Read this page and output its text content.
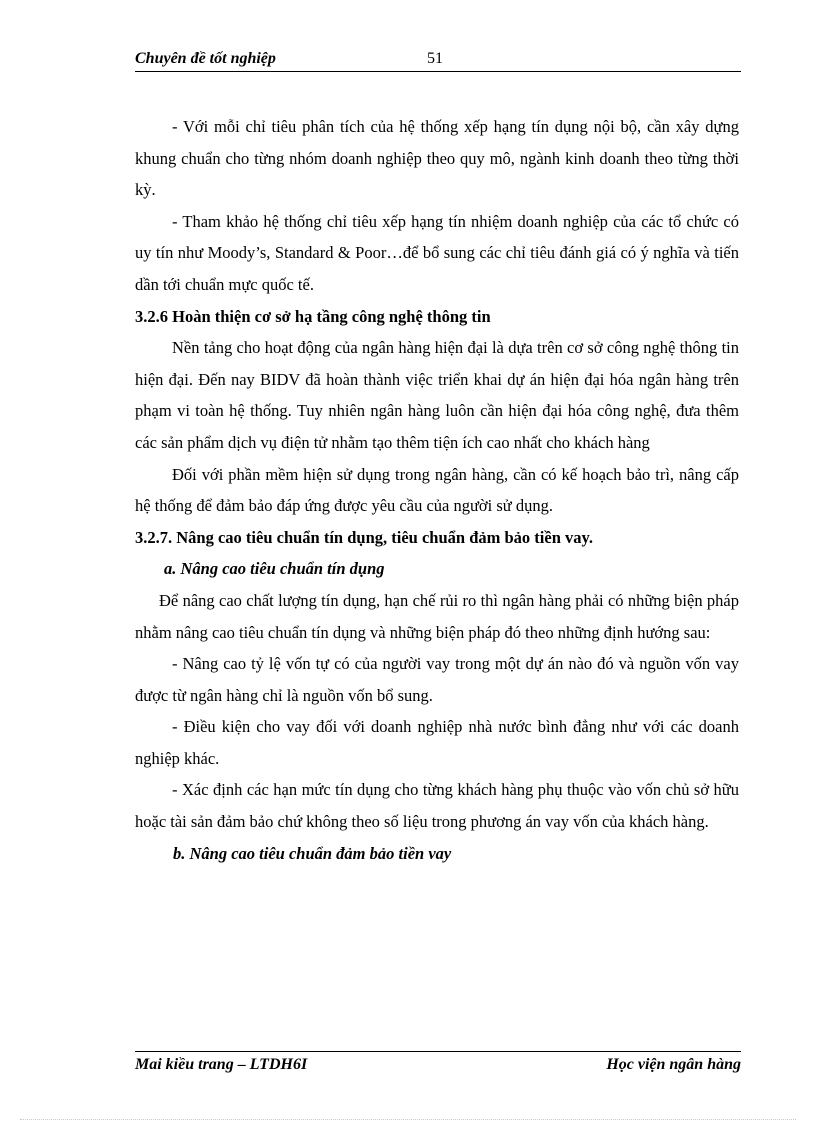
Chuyên đề tốt nghiệp	51

- Với mỗi chỉ tiêu phân tích của hệ thống xếp hạng tín dụng nội bộ, cần xây dựng khung chuẩn cho từng nhóm doanh nghiệp theo quy mô, ngành kinh doanh theo từng thời kỳ.

- Tham khảo hệ thống chỉ tiêu xếp hạng tín nhiệm doanh nghiệp của các tổ chức có uy tín như Moody’s, Standard & Poor…để bổ sung các chỉ tiêu đánh giá có ý nghĩa và tiến dần tới chuẩn mực quốc tế.

3.2.6 Hoàn thiện cơ sở hạ tầng công nghệ thông tin

Nền tảng cho hoạt động của ngân hàng hiện đại là dựa trên cơ sở công nghệ thông tin hiện đại. Đến nay BIDV đã hoàn thành việc triển khai dự án hiện đại hóa ngân hàng trên phạm vi toàn hệ thống. Tuy nhiên ngân hàng luôn cần hiện đại hóa công nghệ, đưa thêm các sản phẩm dịch vụ điện tử nhằm tạo thêm tiện ích cao nhất cho khách hàng

Đối với phần mềm hiện sử dụng trong ngân hàng, cần có kế hoạch bảo trì, nâng cấp hệ thống để đảm bảo đáp ứng được yêu cầu của người sử dụng.

3.2.7. Nâng cao tiêu chuẩn tín dụng, tiêu chuẩn đảm bảo tiền vay.

a. Nâng cao tiêu chuẩn tín dụng

Để nâng cao chất lượng tín dụng, hạn chế rủi ro thì ngân hàng phải có những biện pháp nhằm nâng cao tiêu chuẩn tín dụng và những biện pháp đó theo những định hướng sau:

- Nâng cao tỷ lệ vốn tự có của người vay trong một dự án nào đó và nguồn vốn vay được từ ngân hàng chỉ là nguồn vốn bổ sung.

- Điều kiện cho vay đối với doanh nghiệp nhà nước bình đẳng như với các doanh nghiệp khác.

- Xác định các hạn mức tín dụng cho từng khách hàng phụ thuộc vào vốn chủ sở hữu hoặc tài sản đảm bảo chứ không theo số liệu trong phương án vay vốn của khách hàng.

b. Nâng cao tiêu chuẩn đảm bảo tiền vay

Mai kiều trang – LTDH6I	Học viện ngân hàng
